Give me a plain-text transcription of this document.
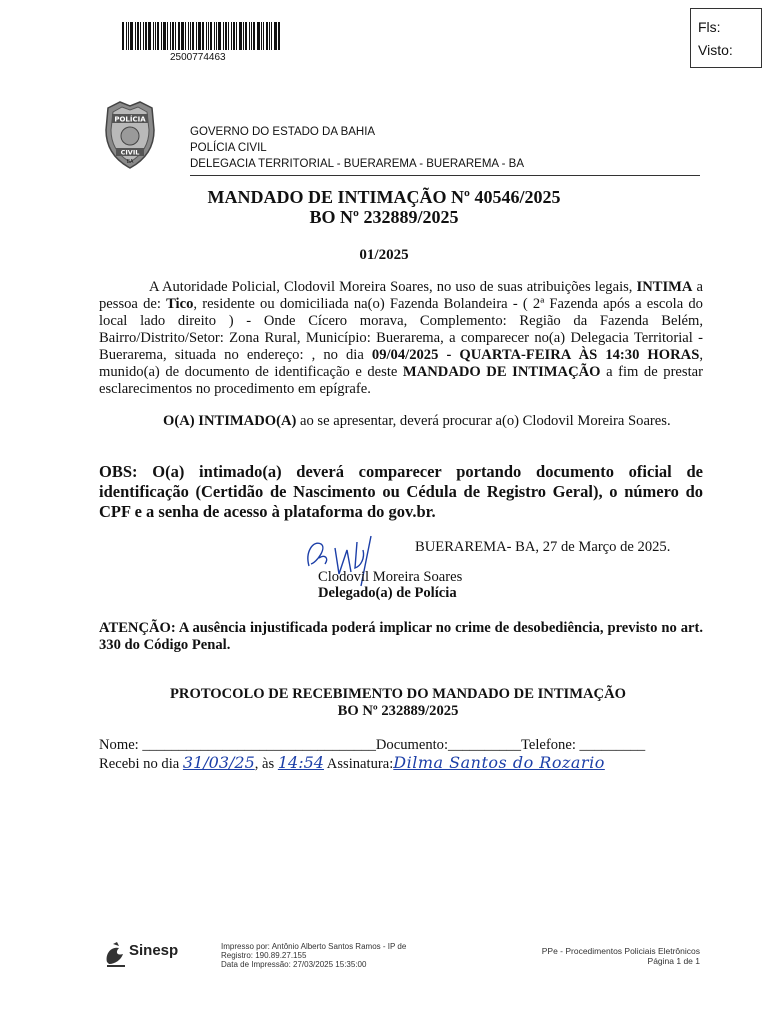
2500774463
Fls:
Visto:
POLÍCIA
CIVIL
BA
GOVERNO DO ESTADO DA BAHIA
POLÍCIA CIVIL
DELEGACIA TERRITORIAL - BUERAREMA - BUERAREMA - BA
MANDADO DE INTIMAÇÃO Nº 40546/2025
BO Nº 232889/2025
01/2025
A Autoridade Policial, Clodovil Moreira Soares, no uso de suas atribuições legais, INTIMA a pessoa de: Tico, residente ou domiciliada na(o) Fazenda Bolandeira - ( 2ª Fazenda após a escola do local lado direito ) - Onde Cícero morava, Complemento: Região da Fazenda Belém, Bairro/Distrito/Setor: Zona Rural, Município: Buerarema, a comparecer no(a) Delegacia Territorial - Buerarema, situada no endereço: , no dia 09/04/2025 - QUARTA-FEIRA ÀS 14:30 HORAS, munido(a) de documento de identificação e deste MANDADO DE INTIMAÇÃO a fim de prestar esclarecimentos no procedimento em epígrafe.
O(A) INTIMADO(A) ao se apresentar, deverá procurar a(o) Clodovil Moreira Soares.
OBS: O(a) intimado(a) deverá comparecer portando documento oficial de identificação (Certidão de Nascimento ou Cédula de Registro Geral), o número do CPF e a senha de acesso à plataforma do gov.br.
BUERAREMA- BA, 27 de Março de 2025.
Clodovil Moreira Soares
Delegado(a) de Polícia
ATENÇÃO: A ausência injustificada poderá implicar no crime de desobediência, previsto no art. 330 do Código Penal.
PROTOCOLO DE RECEBIMENTO DO MANDADO DE INTIMAÇÃO
BO Nº 232889/2025
Nome: ________________________________Documento:__________Telefone: _________
Recebi no dia 31/03/25, às 14:54 Assinatura:Dilma Santos do Rozario
Sinesp	Impresso por: Antônio Alberto Santos Ramos - IP de
Registro: 190.89.27.155
Data de Impressão: 27/03/2025 15:35:00
PPe - Procedimentos Policiais Eletrônicos
Página 1 de 1
